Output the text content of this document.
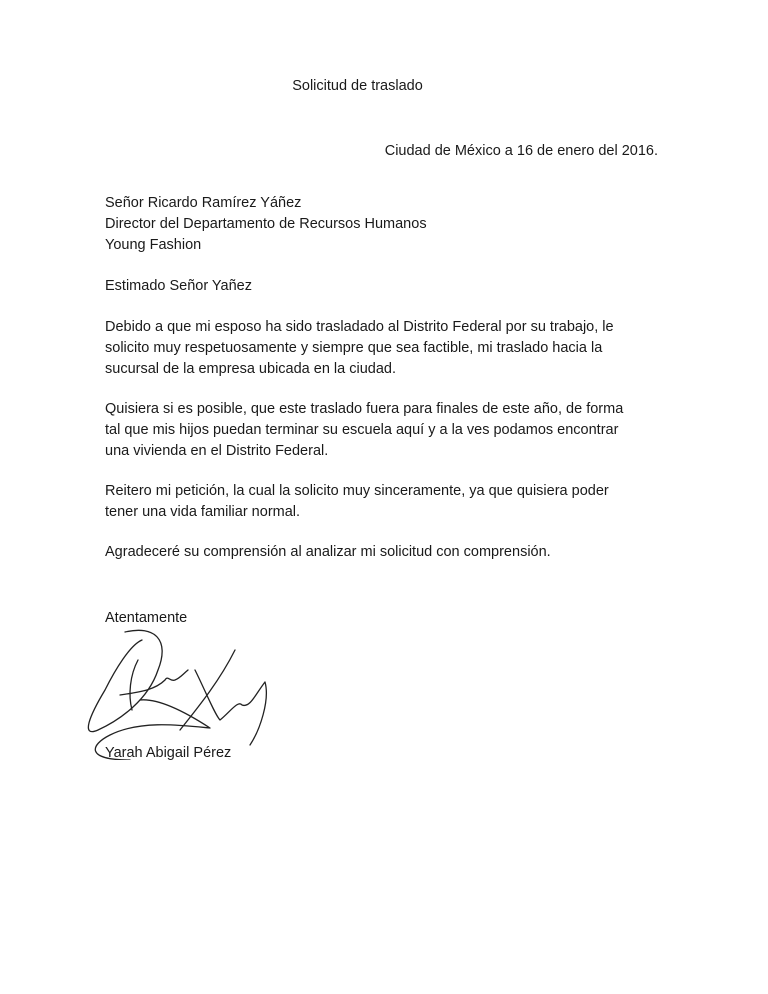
Solicitud de traslado
Ciudad de México a 16 de enero del 2016.
Señor Ricardo Ramírez Yáñez
Director del Departamento de Recursos Humanos
Young Fashion
Estimado Señor Yañez
Debido a que mi esposo ha sido trasladado al Distrito Federal por su trabajo, le
solicito muy respetuosamente y siempre que sea factible, mi traslado hacia la
sucursal de la empresa ubicada en la ciudad.
Quisiera si es posible, que este traslado fuera para finales de este año, de forma
tal que mis hijos puedan terminar su escuela aquí y a la ves podamos encontrar
una vivienda en el Distrito Federal.
Reitero mi petición, la cual la solicito muy sinceramente, ya que quisiera poder
tener una vida familiar normal.
Agradeceré su comprensión al analizar mi solicitud con comprensión.
Atentamente
Yarah Abigail Pérez
